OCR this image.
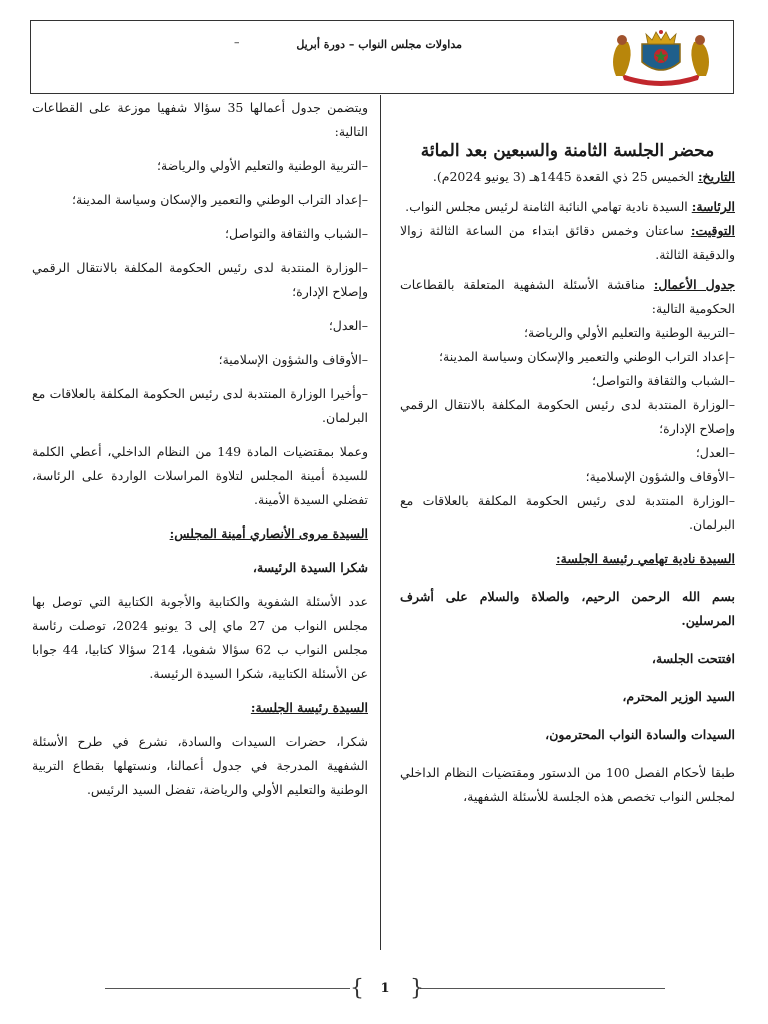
مداولات مجلس النواب – دورة أبريل
–

محضر الجلسة الثامنة والسبعين بعد المائة

التاريخ: الخميس 25 ذي القعدة 1445هـ (3 يونيو 2024م).

الرئاسة: السيدة نادية تهامي النائبة الثامنة لرئيس مجلس النواب.

التوقيت: ساعتان وخمس دقائق ابتداء من الساعة الثالثة زوالا والدقيقة الثالثة.

جدول الأعمال: مناقشة الأسئلة الشفهية المتعلقة بالقطاعات الحكومية التالية:

–التربية الوطنية والتعليم الأولي والرياضة؛

–إعداد التراب الوطني والتعمير والإسكان وسياسة المدينة؛

–الشباب والثقافة والتواصل؛

–الوزارة المنتدبة لدى رئيس الحكومة المكلفة بالانتقال الرقمي وإصلاح الإدارة؛

–العدل؛

–الأوقاف والشؤون الإسلامية؛

–الوزارة المنتدبة لدى رئيس الحكومة المكلفة بالعلاقات مع البرلمان.

السيدة نادية تهامي رئيسة الجلسة:

بسم الله الرحمن الرحيم، والصلاة والسلام على أشرف المرسلين.

افتتحت الجلسة،

السيد الوزير المحترم،

السيدات والسادة النواب المحترمون،

طبقا لأحكام الفصل 100 من الدستور ومقتضيات النظام الداخلي لمجلس النواب تخصص هذه الجلسة للأسئلة الشفهية،

ويتضمن جدول أعمالها 35 سؤالا شفهيا موزعة على القطاعات التالية:

–التربية الوطنية والتعليم الأولي والرياضة؛

–إعداد التراب الوطني والتعمير والإسكان وسياسة المدينة؛

–الشباب والثقافة والتواصل؛

–الوزارة المنتدبة لدى رئيس الحكومة المكلفة بالانتقال الرقمي وإصلاح الإدارة؛

–العدل؛

–الأوقاف والشؤون الإسلامية؛

–وأخيرا الوزارة المنتدبة لدى رئيس الحكومة المكلفة بالعلاقات مع البرلمان.

وعملا بمقتضيات المادة 149 من النظام الداخلي، أعطي الكلمة للسيدة أمينة المجلس لتلاوة المراسلات الواردة على الرئاسة، تفضلي السيدة الأمينة.

السيدة مروى الأنصاري أمينة المجلس:

شكرا السيدة الرئيسة،

عدد الأسئلة الشفوية والكتابية والأجوبة الكتابية التي توصل بها مجلس النواب من 27 ماي إلى 3 يونيو 2024، توصلت رئاسة مجلس النواب ب 62 سؤالا شفويا، 214 سؤالا كتابيا، 44 جوابا عن الأسئلة الكتابية، شكرا السيدة الرئيسة.

السيدة رئيسة الجلسة:

شكرا، حضرات السيدات والسادة، نشرع في طرح الأسئلة الشفهية المدرجة في جدول أعمالنا، ونستهلها بقطاع التربية الوطنية والتعليم الأولي والرياضة، تفضل السيد الرئيس.

{ }
1
